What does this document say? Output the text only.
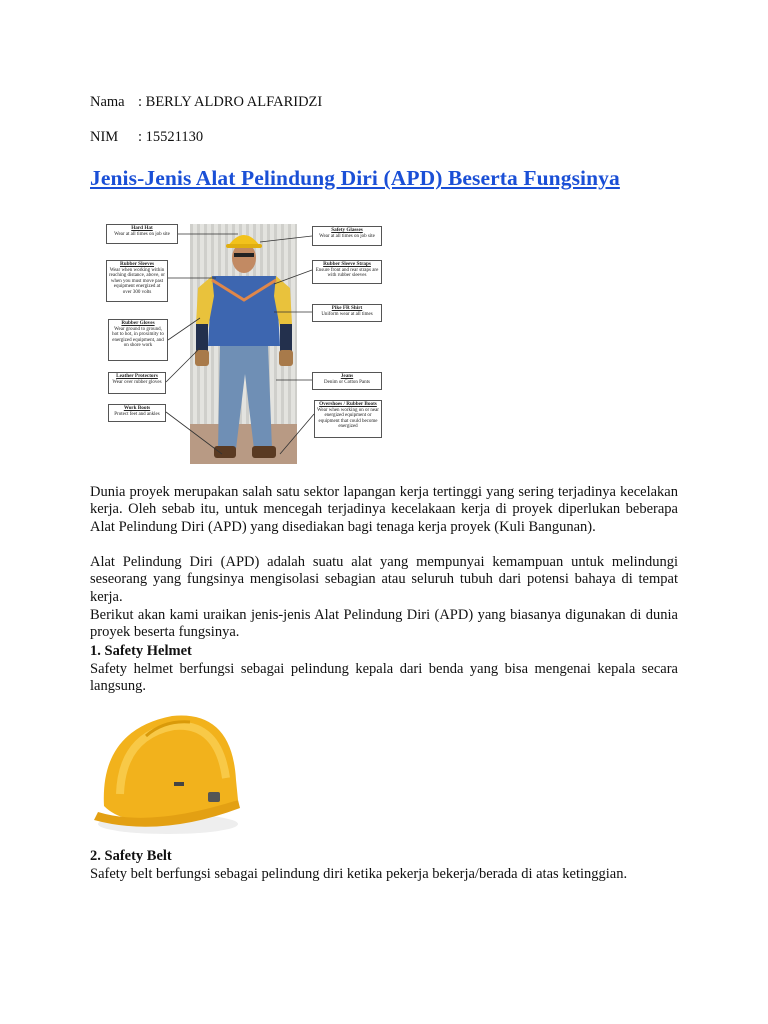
Nama : BERLY ALDRO ALFARIDZI
NIM : 15521130
Jenis-Jenis Alat Pelindung Diri (APD) Beserta Fungsinya
Hard Hat
Wear at all times on job site
Rubber Sleeves
Wear when working within reaching distance, above, or when you must move past equipment energized at over 300 volts
Rubber Gloves
Wear ground to ground, hot to hot, in proximity to energized equipment, and on shore work
Leather Protectors
Wear over rubber gloves
Work Boots
Protect feet and ankles
Safety Glasses
Wear at all times on job site
Rubber Sleeve Straps
Ensure front and rear straps are with rubber sleeves
Pike FR Shirt
Uniform wear at all times
Jeans
Denim or Cotton Pants
Overshoes / Rubber Boots
Wear when working on or near energized equipment or equipment that could become energized
Dunia proyek merupakan salah satu sektor lapangan kerja tertinggi yang sering terjadinya kecelakan kerja. Oleh sebab itu, untuk mencegah terjadinya kecelakaan kerja di proyek diperlukan beberapa Alat Pelindung Diri (APD) yang disediakan bagi tenaga kerja proyek (Kuli Bangunan).
Alat Pelindung Diri (APD) adalah suatu alat yang mempunyai kemampuan untuk melindungi seseorang yang fungsinya mengisolasi sebagian atau seluruh tubuh dari potensi bahaya di tempat kerja.
Berikut akan kami uraikan jenis-jenis Alat Pelindung Diri (APD) yang biasanya digunakan di dunia proyek beserta fungsinya.
1. Safety Helmet
Safety helmet berfungsi sebagai pelindung kepala dari benda yang bisa mengenai kepala secara langsung.
2. Safety Belt
Safety belt berfungsi sebagai pelindung diri ketika pekerja bekerja/berada di atas ketinggian.
